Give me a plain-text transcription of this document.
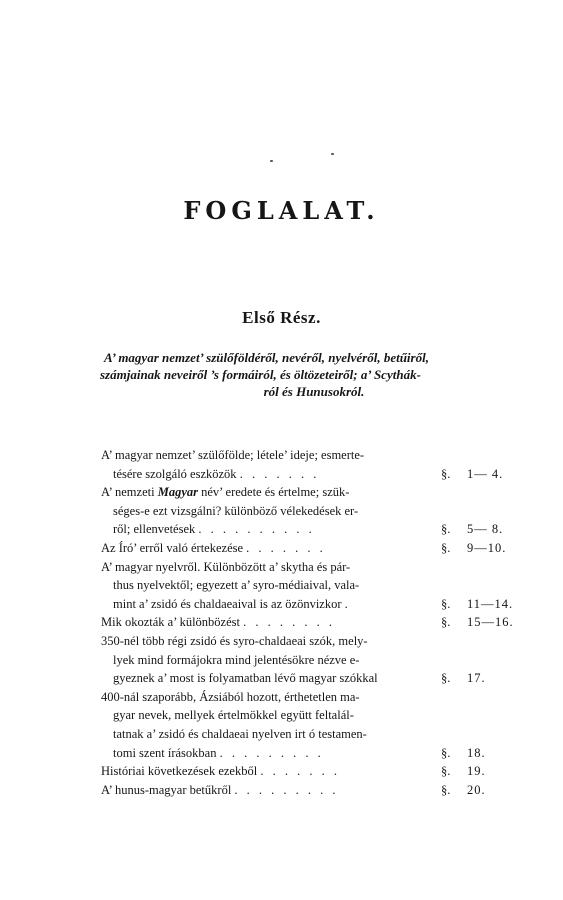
FOGLALAT.
Első Rész.
A’ magyar nemzet’ szülőföldéről, nevéről, nyelvéről, betűiről,
számjainak neveiről ’s formáiról, és öltözeteiről; a’ Scythák-
ról és Hunusokról.
A’ magyar nemzet’ szülőfölde; létele’ ideje; esmerte-
tésére szolgáló eszközök . . . . . . .	§. 1— 4.
A’ nemzeti Magyar név’ eredete és értelme; szük-
séges-e ezt vizsgálni? különböző vélekedések er-
ről; ellenvetések . . . . . . . . . .	§. 5— 8.
Az Író’ erről való értekezése . . . . . . .	§. 9—10.
A’ magyar nyelvről. Különbözött a’ skytha és pár-
thus nyelvektől; egyezett a’ syro-médiaival, vala-
mint a’ zsidó és chaldaeaival is az özönvizkor .	§. 11—14.
Mik okozták a’ különbözést . . . . . . . .	§. 15—16.
350-nél több régi zsidó és syro-chaldaeai szók, mely-
lyek mind formájokra mind jelentésökre nézve e-
gyeznek a’ most is folyamatban lévő magyar szókkal	§. 17.
400-nál szaporább, Ázsiából hozott, érthetetlen ma-
gyar nevek, mellyek értelmökkel együtt feltalál-
tatnak a’ zsidó és chaldaeai nyelven irt ó testamen-
tomi szent írásokban . . . . . . . . .	§. 18.
Históriai következések ezekből . . . . . . .	§. 19.
A’ hunus-magyar betűkről . . . . . . . . .	§. 20.
